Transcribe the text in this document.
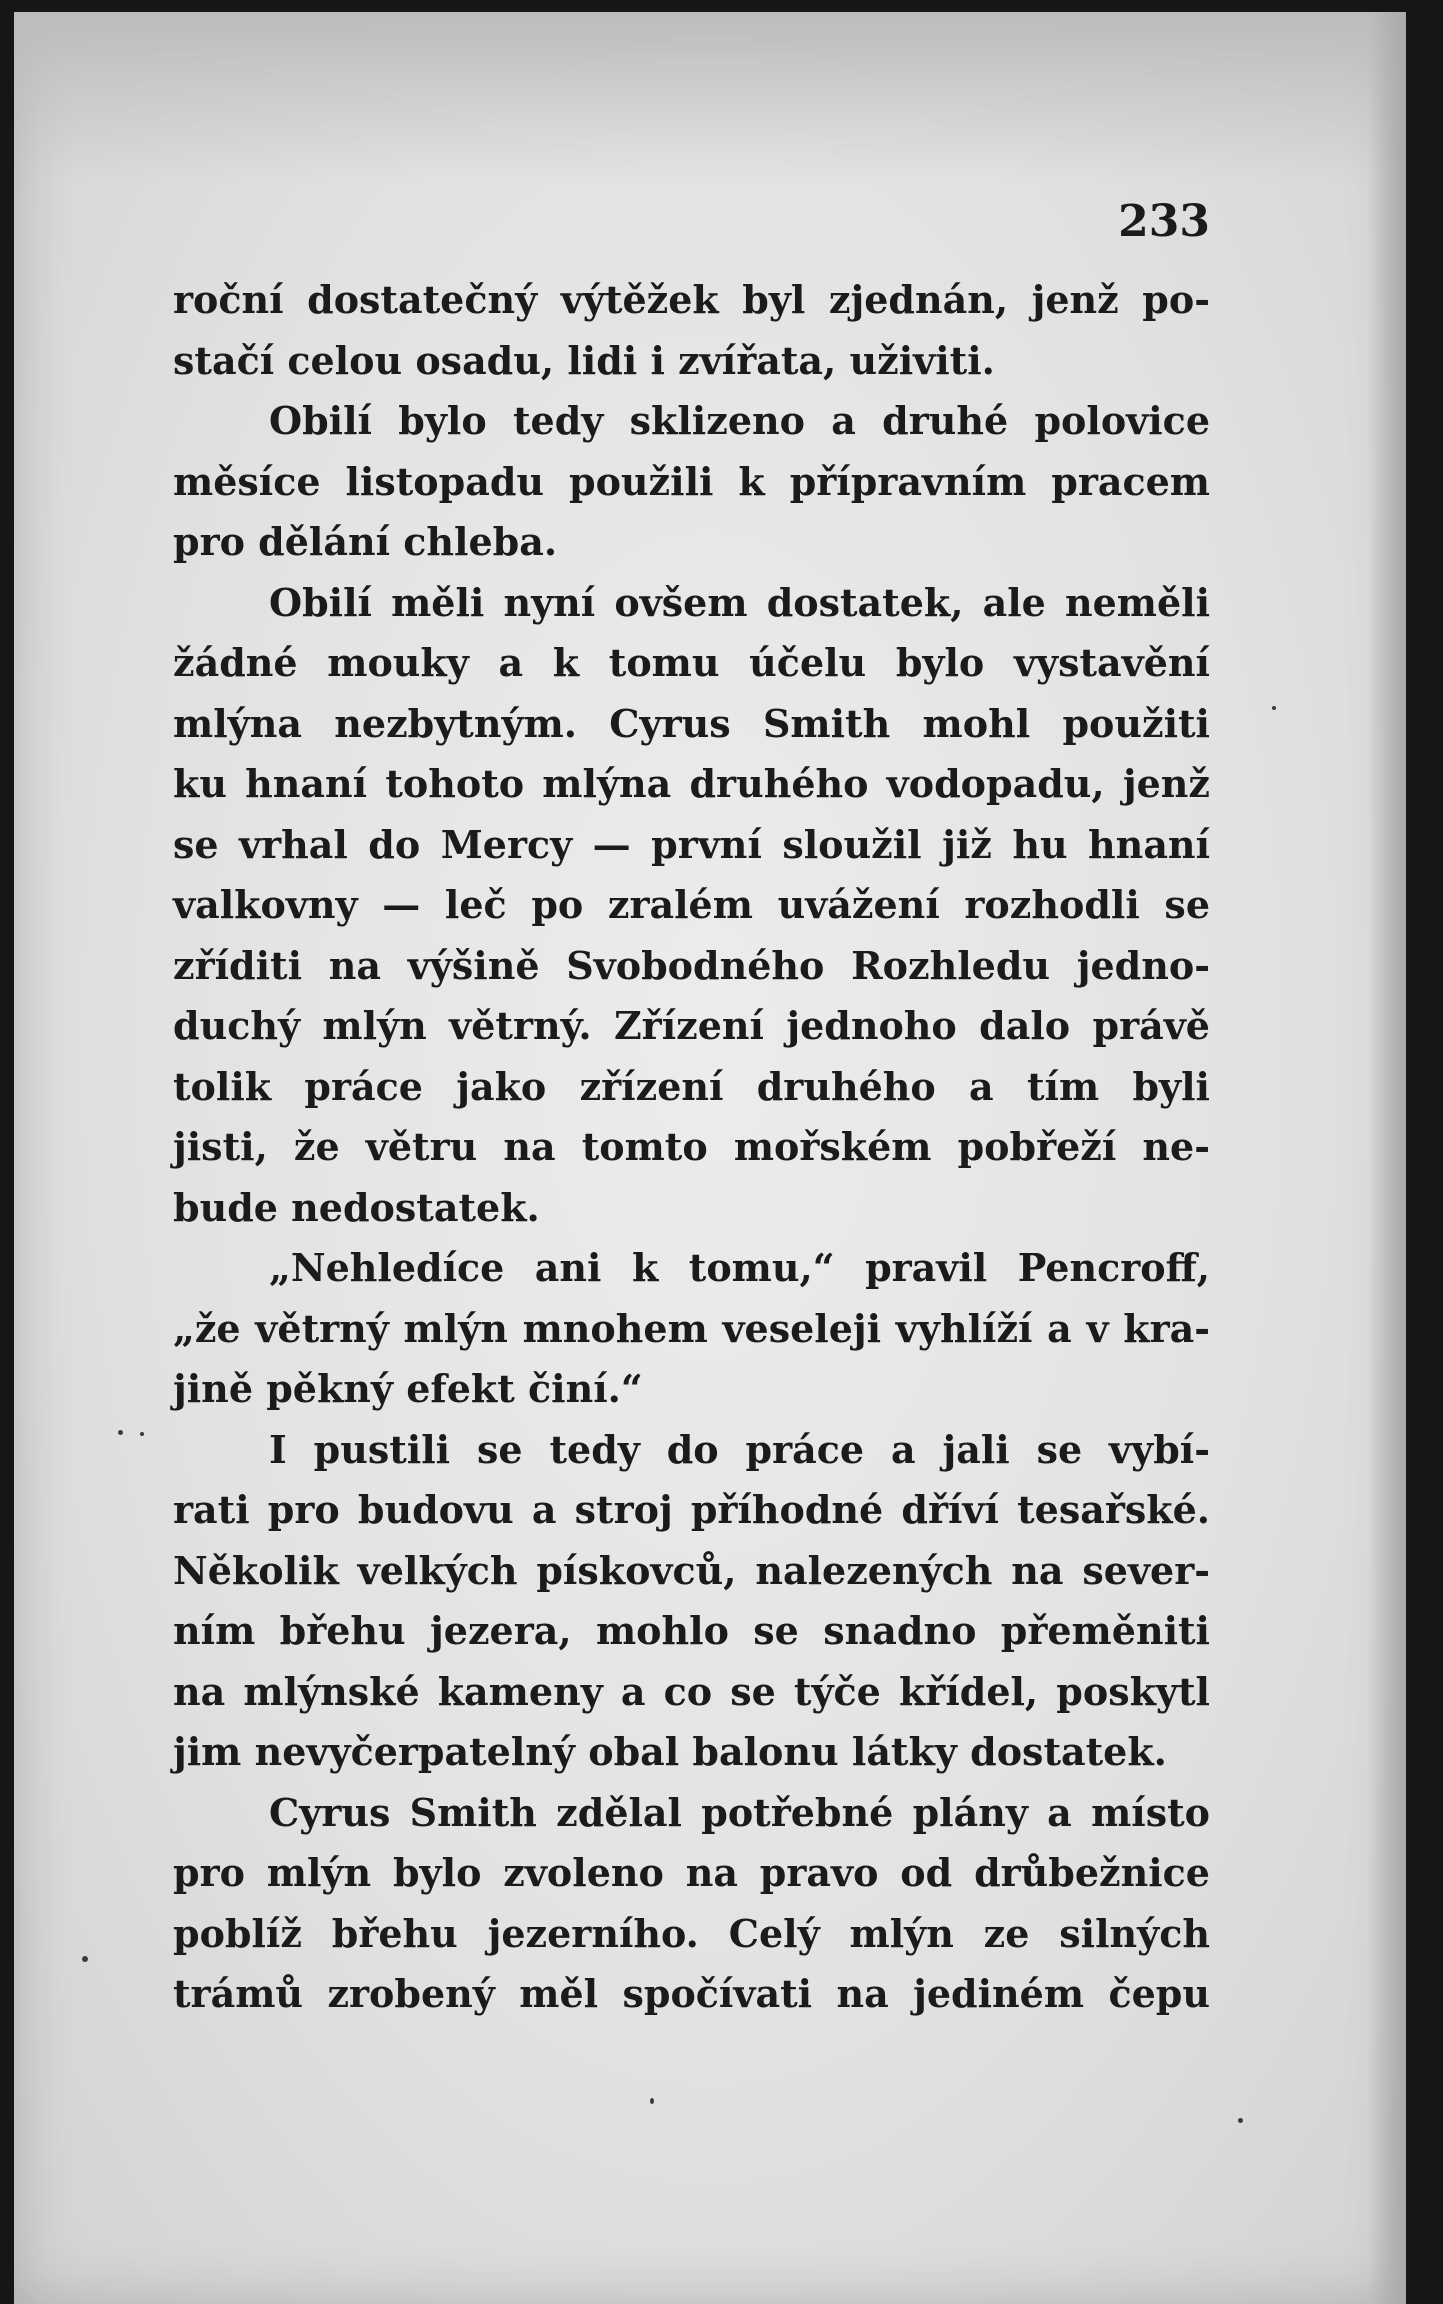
233
roční dostatečný výtěžek byl zjednán, jenž po-
stačí celou osadu, lidi i zvířata, uživiti.
Obilí bylo tedy sklizeno a druhé polovice
měsíce listopadu použili k přípravním pracem
pro dělání chleba.
Obilí měli nyní ovšem dostatek, ale neměli
žádné mouky a k tomu účelu bylo vystavění
mlýna nezbytným. Cyrus Smith mohl použiti
ku hnaní tohoto mlýna druhého vodopadu, jenž
se vrhal do Mercy — první sloužil již hu hnaní
valkovny — leč po zralém uvážení rozhodli se
zříditi na výšině Svobodného Rozhledu jedno-
duchý mlýn větrný. Zřízení jednoho dalo právě
tolik práce jako zřízení druhého a tím byli
jisti, že větru na tomto mořském pobřeží ne-
bude nedostatek.
„Nehledíce ani k tomu,“ pravil Pencroff,
„že větrný mlýn mnohem veseleji vyhlíží a v kra-
jině pěkný efekt činí.“
I pustili se tedy do práce a jali se vybí-
rati pro budovu a stroj příhodné dříví tesařské.
Několik velkých pískovců, nalezených na sever-
ním břehu jezera, mohlo se snadno přeměniti
na mlýnské kameny a co se týče křídel, poskytl
jim nevyčerpatelný obal balonu látky dostatek.
Cyrus Smith zdělal potřebné plány a místo
pro mlýn bylo zvoleno na pravo od drůbežnice
poblíž břehu jezerního. Celý mlýn ze silných
trámů zrobený měl spočívati na jediném čepu
